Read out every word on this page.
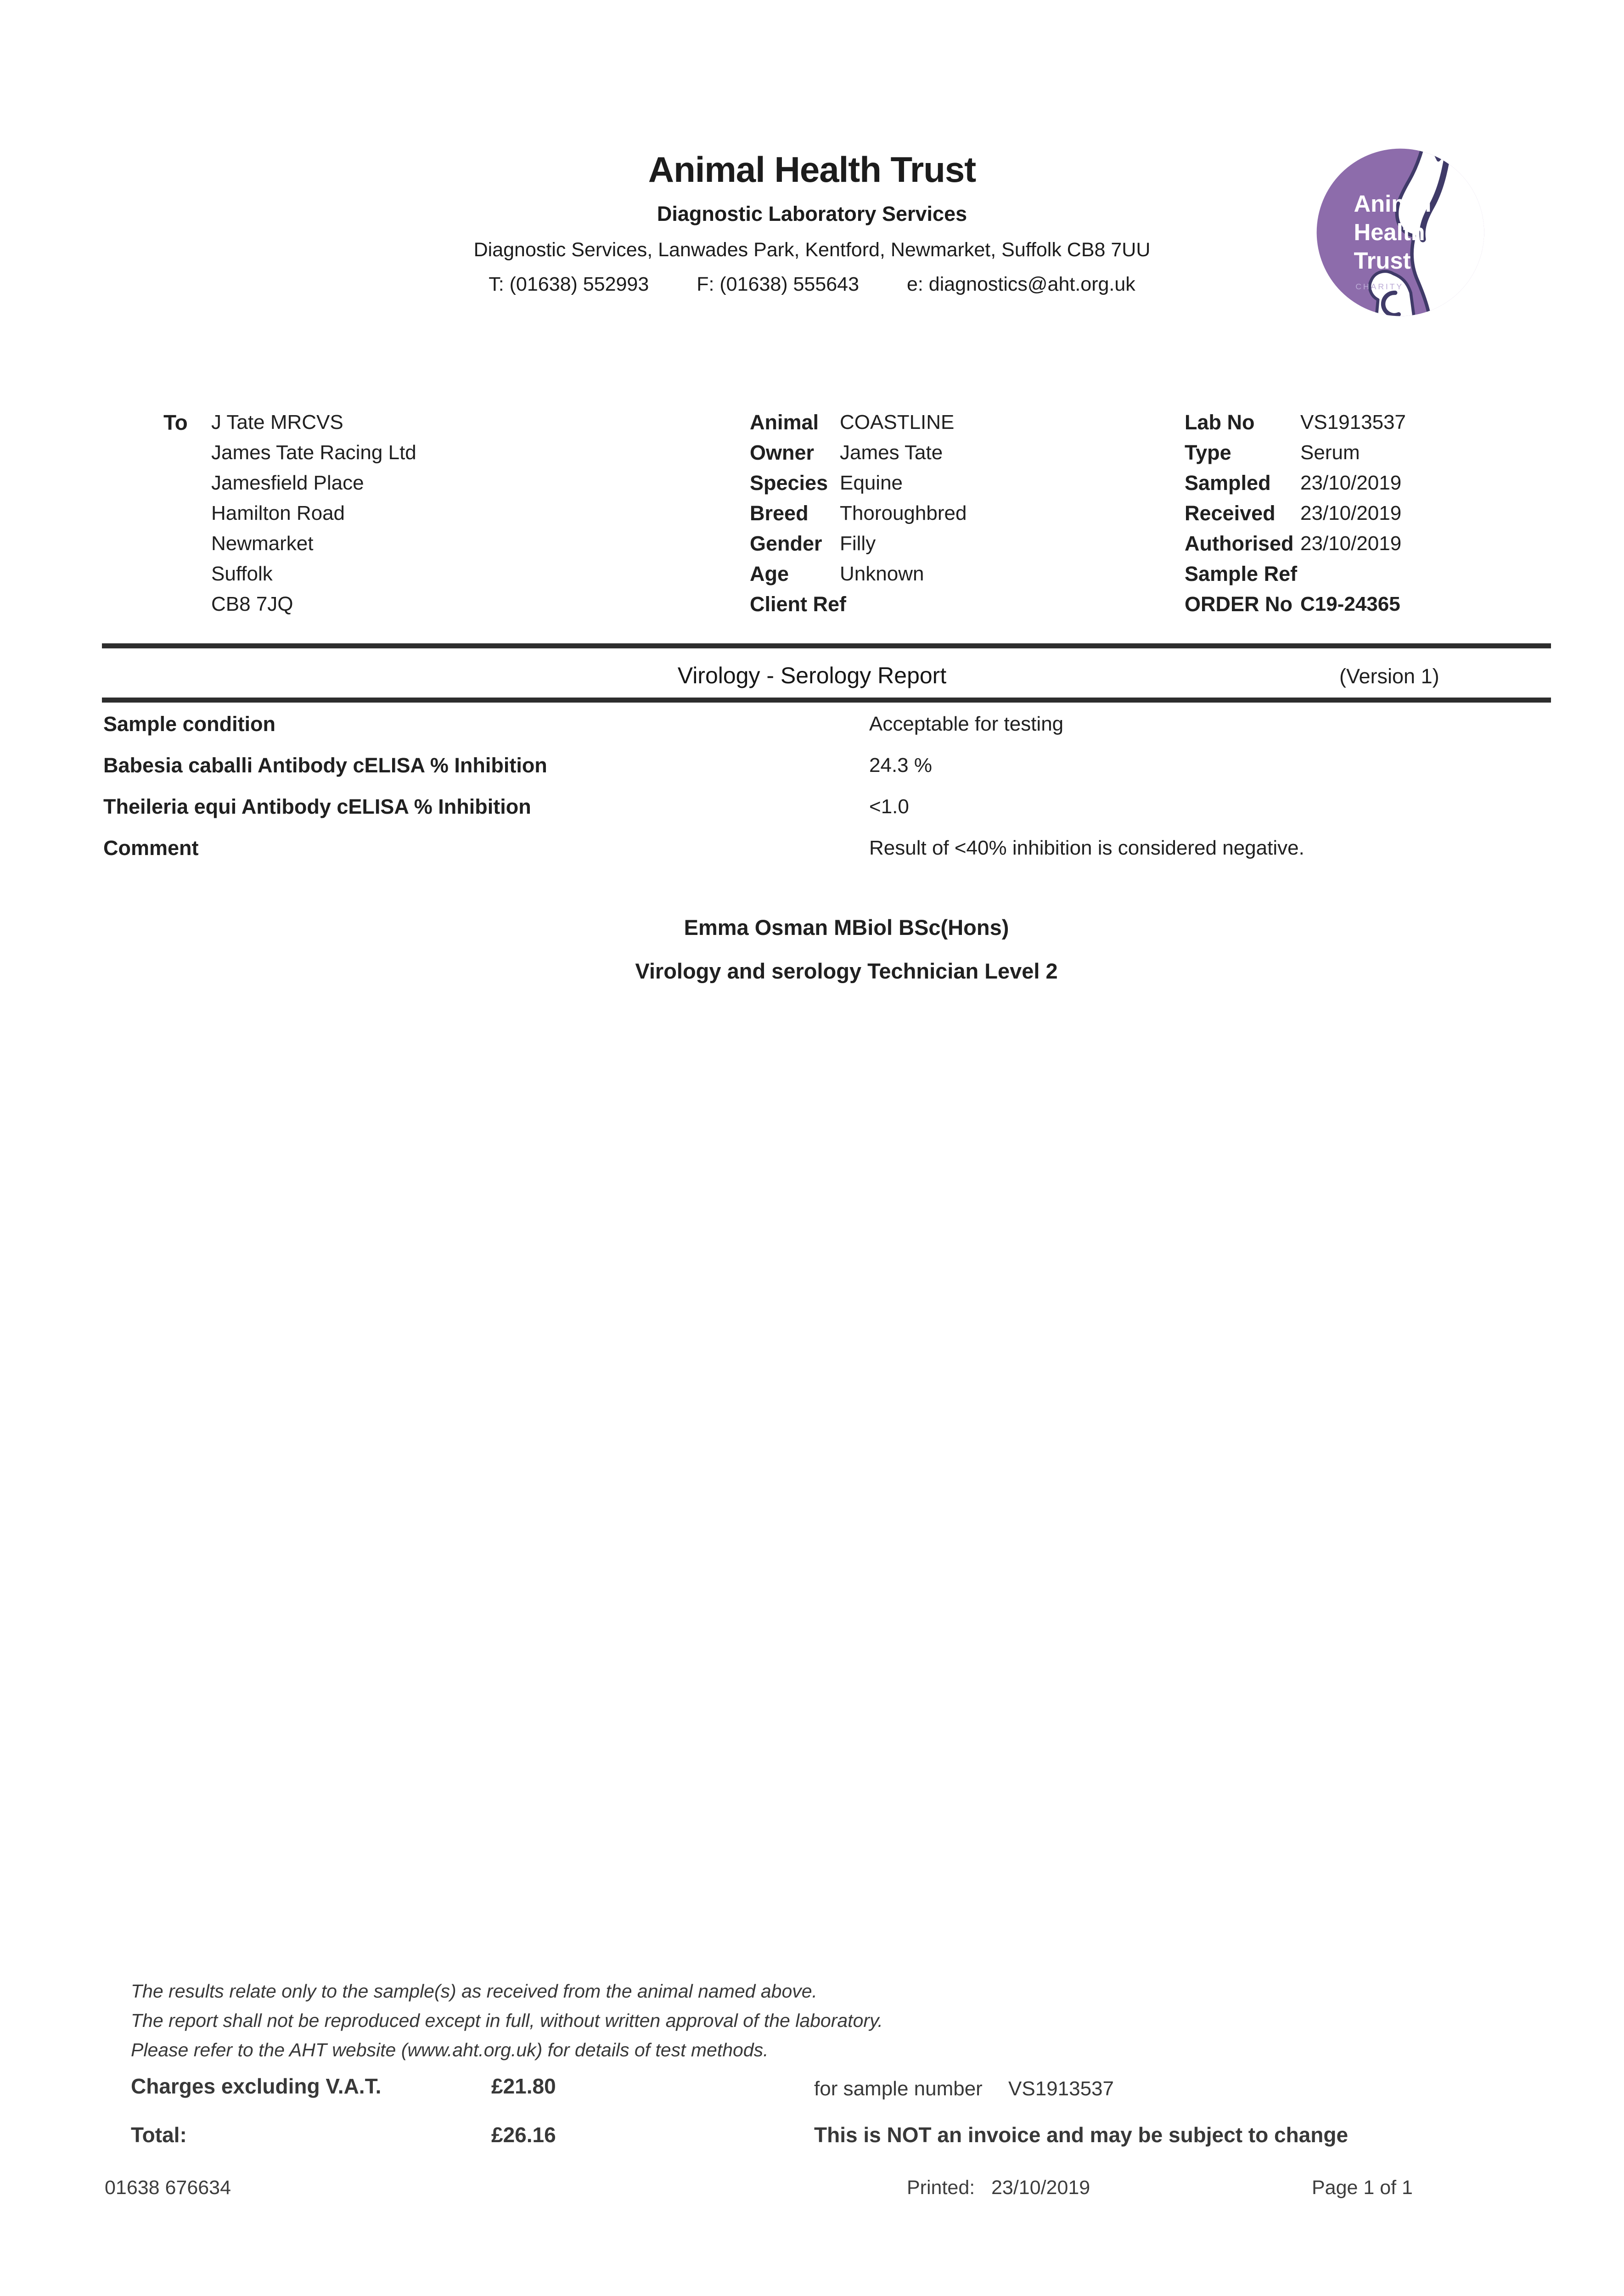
Animal Health Trust
Diagnostic Laboratory Services
Diagnostic Services, Lanwades Park, Kentford, Newmarket, Suffolk CB8 7UU
T: (01638) 552993 F: (01638) 555643 e: diagnostics@aht.org.uk
Animal
Health
Trust
CHARITY
To J Tate MRCVS
James Tate Racing Ltd
Jamesfield Place
Hamilton Road
Newmarket
Suffolk
CB8 7JQ
Animal	COASTLINE
Owner	James Tate
Species Equine
Breed	Thoroughbred
Gender Filly
Age	Unknown
Client Ref
Lab No	VS1913537
Type	Serum
Sampled	23/10/2019
Received	23/10/2019
Authorised 23/10/2019
Sample Ref
ORDER No C19-24365
Virology - Serology Report	(Version 1)
Sample condition	Acceptable for testing
Babesia caballi Antibody cELISA % Inhibition	24.3 %
Theileria equi Antibody cELISA % Inhibition	<1.0
Comment	Result of <40% inhibition is considered negative.
Emma Osman MBiol BSc(Hons)
Virology and serology Technician Level 2
The results relate only to the sample(s) as received from the animal named above.
The report shall not be reproduced except in full, without written approval of the laboratory.
Please refer to the AHT website (www.aht.org.uk) for details of test methods.
Charges excluding V.A.T.	£21.80	for sample number VS1913537
Total:	£26.16	This is NOT an invoice and may be subject to change
01638 676634	Printed: 23/10/2019	Page 1 of 1
